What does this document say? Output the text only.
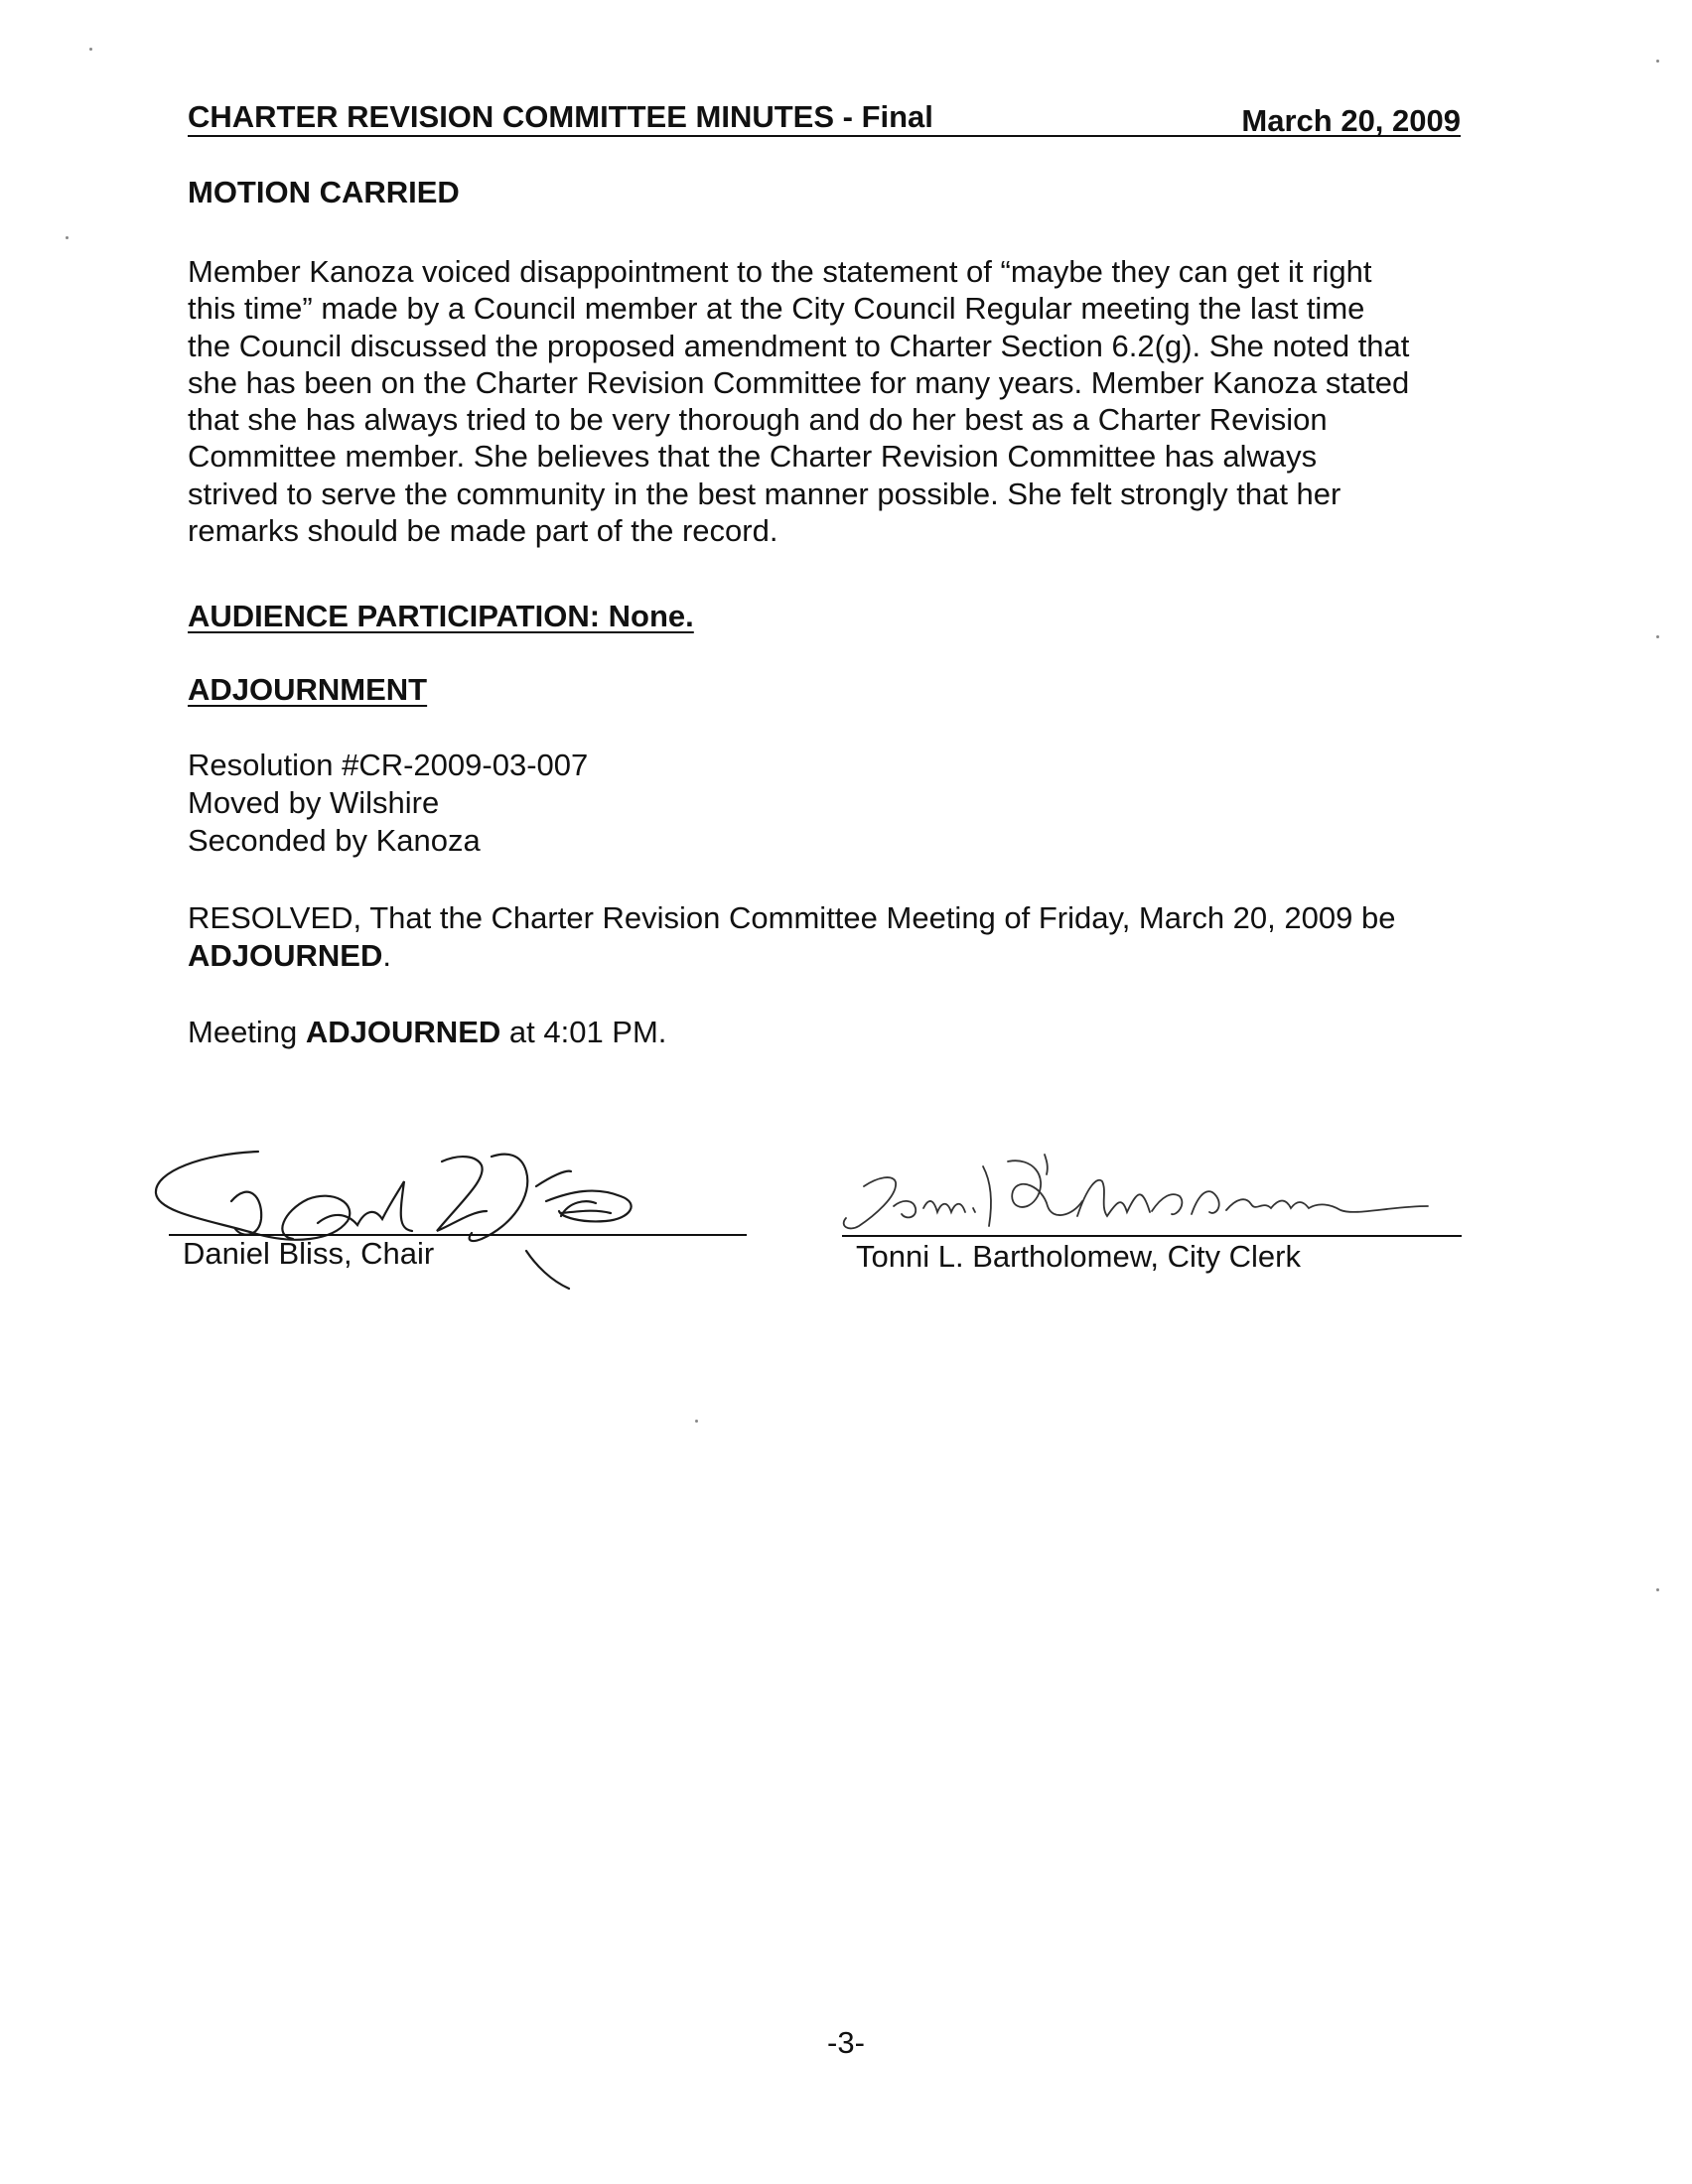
CHARTER REVISION COMMITTEE MINUTES - Final	March 20, 2009
MOTION CARRIED

Member Kanoza voiced disappointment to the statement of “maybe they can get it right

this time” made by a Council member at the City Council Regular meeting the last time

the Council discussed the proposed amendment to Charter Section 6.2(g). She noted that

she has been on the Charter Revision Committee for many years. Member Kanoza stated

that she has always tried to be very thorough and do her best as a Charter Revision

Committee member. She believes that the Charter Revision Committee has always

strived to serve the community in the best manner possible. She felt strongly that her

remarks should be made part of the record.

AUDIENCE PARTICIPATION: None.
ADJOURNMENT
Resolution #CR-2009-03-007
Moved by Wilshire
Seconded by Kanoza
RESOLVED, That the Charter Revision Committee Meeting of Friday, March 20, 2009 be
ADJOURNED.
Meeting ADJOURNED at 4:01 PM.
Daniel Bliss, Chair	Tonni L. Bartholomew, City Clerk
-3-
